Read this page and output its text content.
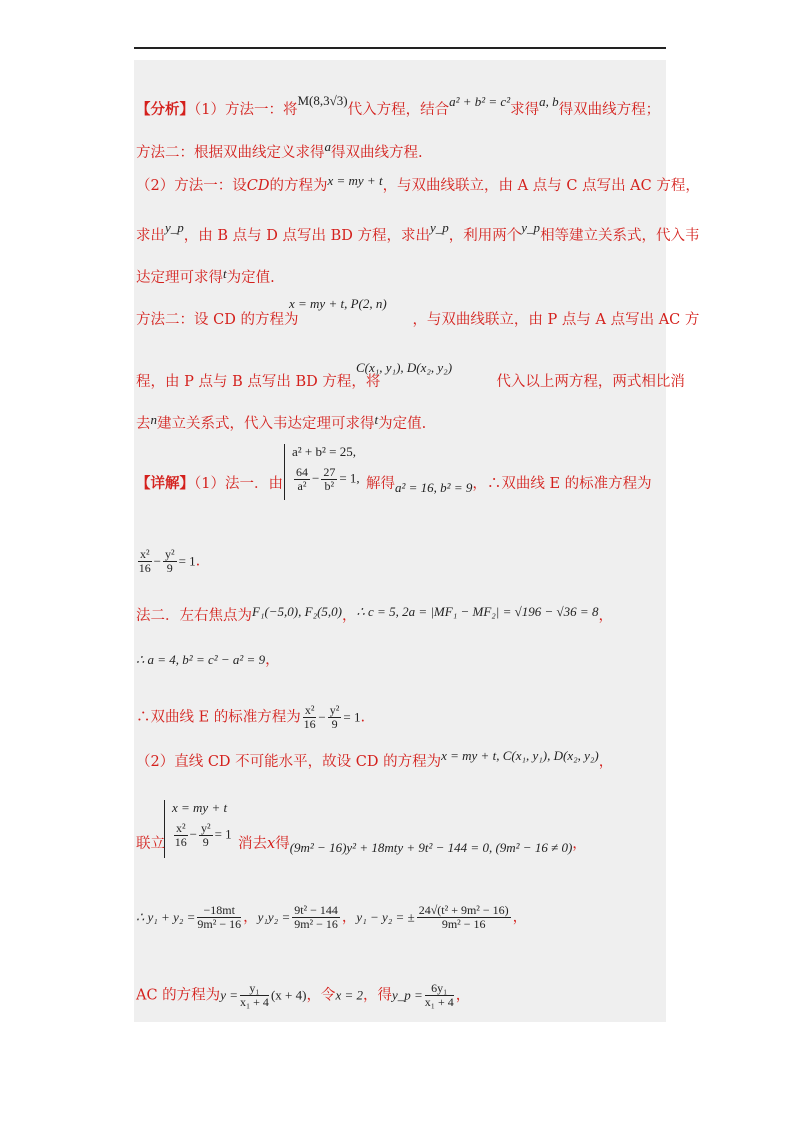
【分析】（1）方法一：将M(8,3√3)代入方程，结合a² + b² = c²求得a, b得双曲线方程；
方法二：根据双曲线定义求得a得双曲线方程.
（2）方法一：设CD的方程为x = my + t，与双曲线联立，由 A 点与 C 点写出 AC 方程，
求出y_p，由 B 点与 D 点写出 BD 方程，求出y_p，利用两个y_p相等建立关系式，代入韦
达定理可求得t为定值.
x = my + t, P(2, n)
方法二：设 CD 的方程为	，与双曲线联立，由 P 点与 A 点写出 AC 方
C(x₁, y₁), D(x₂, y₂)
程，由 P 点与 B 点写出 BD 方程，将	代入以上两方程，两式相比消
去n建立关系式，代入韦达定理可求得t为定值.
a² + b² = 25,
$\frac{64}{\text{a²}} - \frac{27}{\text{b²}} = 1$,
【详解】（1）法一．由	解得a² = 16, b² = 9，∴双曲线 E 的标准方程为
$\frac{\text{x²}}{16} - \frac{\text{y²}}{9} = 1$.
法二．左右焦点为F₁(−5,0), F₂(5,0)，∴ c = 5, 2a = |MF₁ − MF₂| = √196 − √36 = 8，
∴ a = 4, b² = c² − a² = 9，
∴双曲线 E 的标准方程为 $\frac{\text{x²}}{16} - \frac{\text{y²}}{9} = 1$.
（2）直线 CD 不可能水平，故设 CD 的方程为x = my + t, C(x₁, y₁), D(x₂, y₂)，
x = my + t
$\frac{\text{x²}}{16} - \frac{\text{y²}}{9} = 1$
联立	消去x得(9m² − 16)y² + 18mty + 9t² − 144 = 0, (9m² − 16 ≠ 0)，
∴ $y_1 + y_2 = \frac{-18mt}{\text{9m² − 16}}$ ，$y_1y_2 = \frac{\text{9t² − 144}}{\text{9m² − 16}}$ ，y₁ − y₂ = ± $\frac{\text{24√(t² + 9m² − 16)}}{\text{9m² − 16}}$ ，
AC 的方程为$y = \frac{\text{y₁}}{\text{x₁ + 4}} (x + 4)$，令x = 2，得y_p = $\frac{\text{6y₁}}{\text{x₁ + 4}}$ ，
